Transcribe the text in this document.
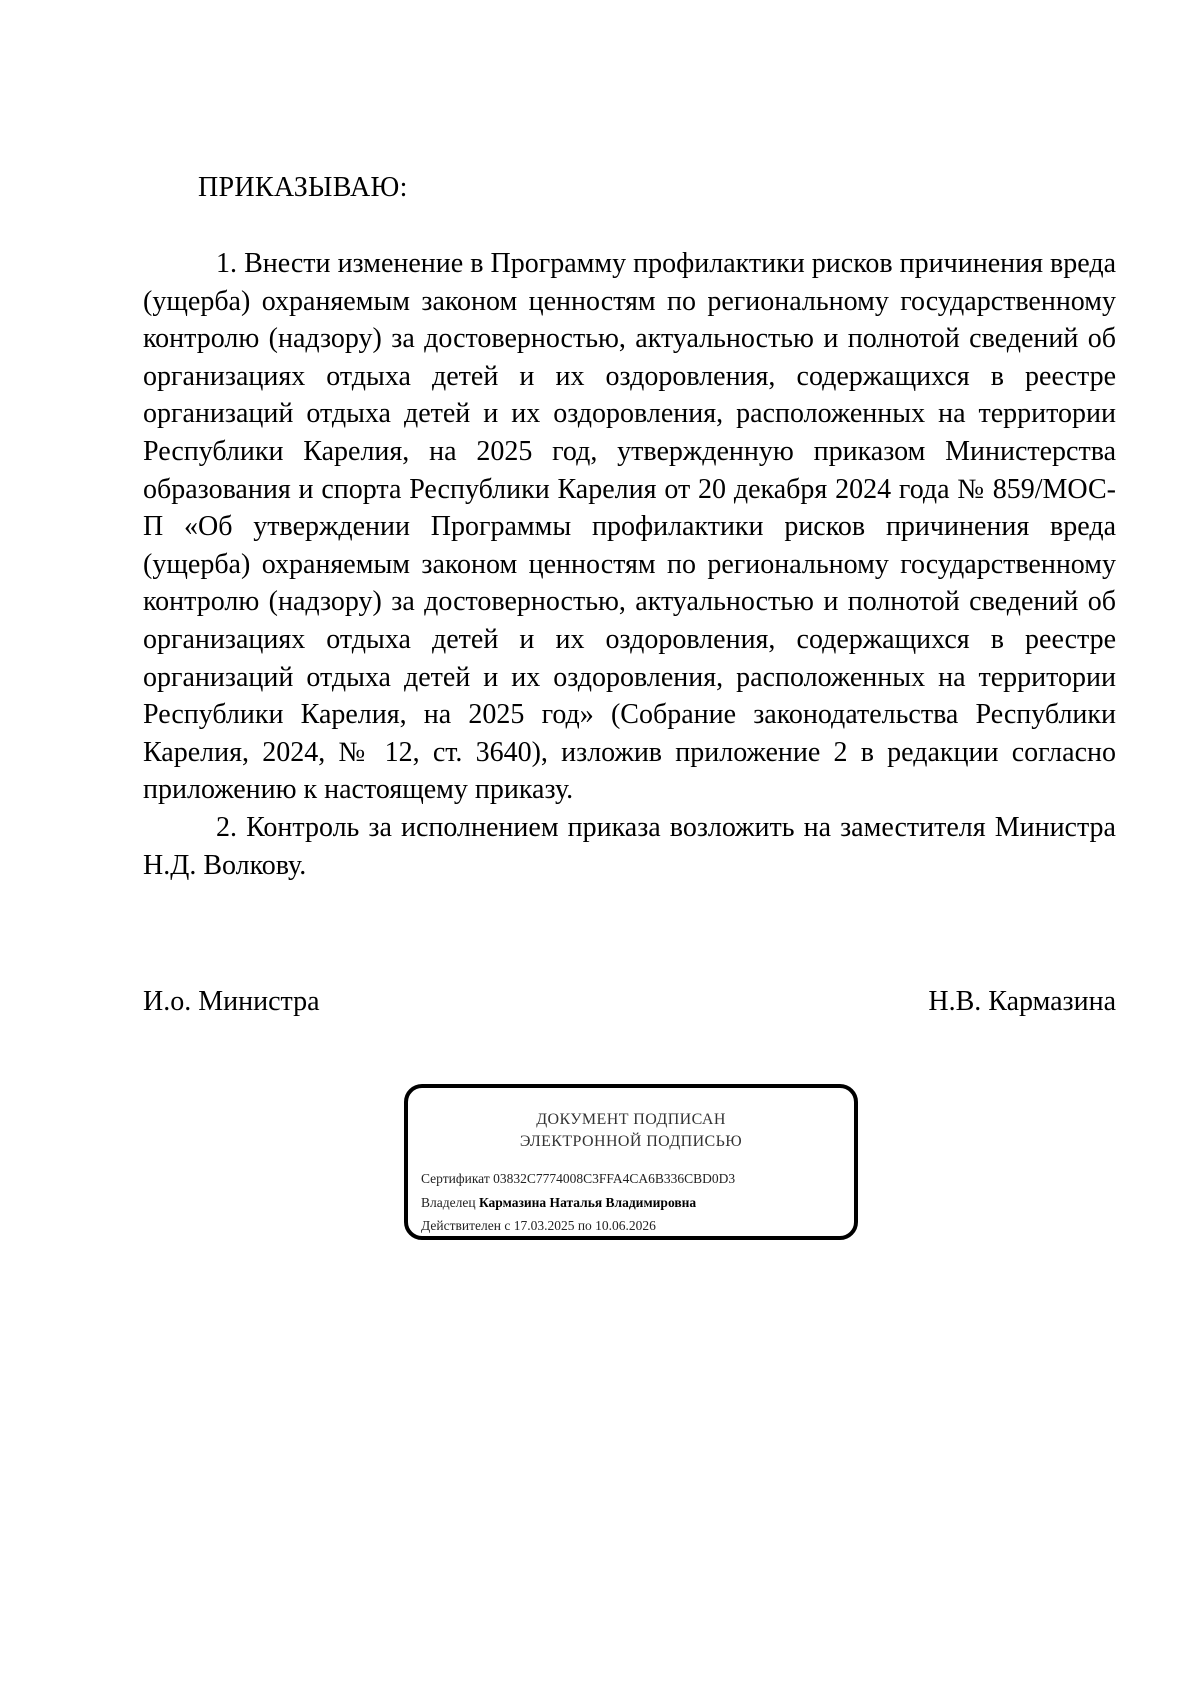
ПРИКАЗЫВАЮ:

1. Внести изменение в Программу профилактики рисков причинения вреда (ущерба) охраняемым законом ценностям по региональному государственному контролю (надзору) за достоверностью, актуальностью и полнотой сведений об организациях отдыха детей и их оздоровления, содержащихся в реестре организаций отдыха детей и их оздоровления, расположенных на территории Республики Карелия, на 2025 год, утвержденную приказом Министерства образования и спорта Республики Карелия от 20 декабря 2024 года № 859/МОС-П «Об утверждении Программы профилактики рисков причинения вреда (ущерба) охраняемым законом ценностям по региональному государственному контролю (надзору) за достоверностью, актуальностью и полнотой сведений об организациях отдыха детей и их оздоровления, содержащихся в реестре организаций отдыха детей и их оздоровления, расположенных на территории Республики Карелия, на 2025 год» (Собрание законодательства Республики Карелия, 2024, № 12, ст. 3640), изложив приложение 2 в редакции согласно приложению к настоящему приказу.

2. Контроль за исполнением приказа возложить на заместителя Министра Н.Д. Волкову.

И.о. Министра	Н.В. Кармазина
ДОКУМЕНТ ПОДПИСАН
ЭЛЕКТРОННОЙ ПОДПИСЬЮ
Сертификат 03832C7774008C3FFA4CA6B336CBD0D3
Владелец Кармазина Наталья Владимировна
Действителен с 17.03.2025 по 10.06.2026
